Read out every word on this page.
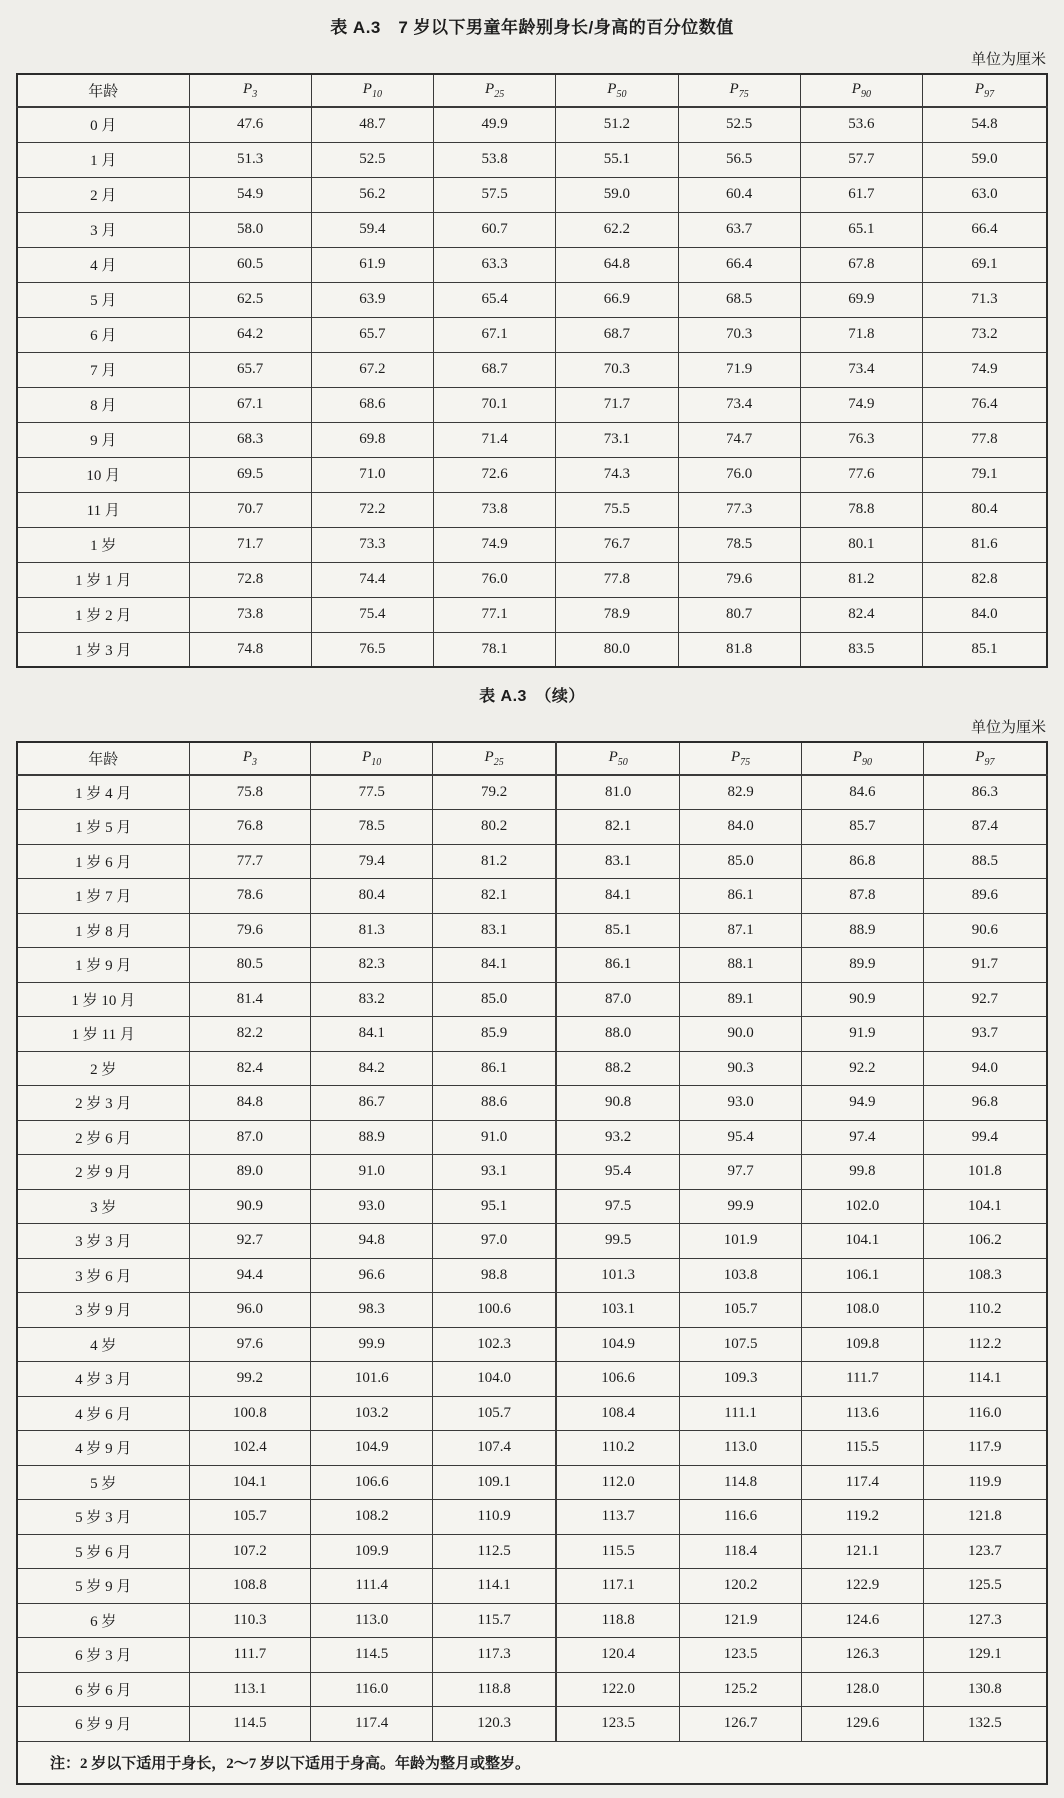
表 A.3　7 岁以下男童年龄别身长/身高的百分位数值
单位为厘米
年龄	$P_3$	$P_{10}$	$P_{25}$	$P_{50}$	$P_{75}$	$P_{90}$	$P_{97}$
0 月	47.6	48.7	49.9	51.2	52.5	53.6	54.8
1 月	51.3	52.5	53.8	55.1	56.5	57.7	59.0
2 月	54.9	56.2	57.5	59.0	60.4	61.7	63.0
3 月	58.0	59.4	60.7	62.2	63.7	65.1	66.4
4 月	60.5	61.9	63.3	64.8	66.4	67.8	69.1
5 月	62.5	63.9	65.4	66.9	68.5	69.9	71.3
6 月	64.2	65.7	67.1	68.7	70.3	71.8	73.2
7 月	65.7	67.2	68.7	70.3	71.9	73.4	74.9
8 月	67.1	68.6	70.1	71.7	73.4	74.9	76.4
9 月	68.3	69.8	71.4	73.1	74.7	76.3	77.8
10 月	69.5	71.0	72.6	74.3	76.0	77.6	79.1
11 月	70.7	72.2	73.8	75.5	77.3	78.8	80.4
1 岁	71.7	73.3	74.9	76.7	78.5	80.1	81.6
1 岁 1 月	72.8	74.4	76.0	77.8	79.6	81.2	82.8
1 岁 2 月	73.8	75.4	77.1	78.9	80.7	82.4	84.0
1 岁 3 月	74.8	76.5	78.1	80.0	81.8	83.5	85.1
表 A.3　（续）
单位为厘米
年龄	$P_3$	$P_{10}$	$P_{25}$	$P_{50}$	$P_{75}$	$P_{90}$	$P_{97}$
1 岁 4 月	75.8	77.5	79.2	81.0	82.9	84.6	86.3
1 岁 5 月	76.8	78.5	80.2	82.1	84.0	85.7	87.4
1 岁 6 月	77.7	79.4	81.2	83.1	85.0	86.8	88.5
1 岁 7 月	78.6	80.4	82.1	84.1	86.1	87.8	89.6
1 岁 8 月	79.6	81.3	83.1	85.1	87.1	88.9	90.6
1 岁 9 月	80.5	82.3	84.1	86.1	88.1	89.9	91.7
1 岁 10 月	81.4	83.2	85.0	87.0	89.1	90.9	92.7
1 岁 11 月	82.2	84.1	85.9	88.0	90.0	91.9	93.7
2 岁	82.4	84.2	86.1	88.2	90.3	92.2	94.0
2 岁 3 月	84.8	86.7	88.6	90.8	93.0	94.9	96.8
2 岁 6 月	87.0	88.9	91.0	93.2	95.4	97.4	99.4
2 岁 9 月	89.0	91.0	93.1	95.4	97.7	99.8	101.8
3 岁	90.9	93.0	95.1	97.5	99.9	102.0	104.1
3 岁 3 月	92.7	94.8	97.0	99.5	101.9	104.1	106.2
3 岁 6 月	94.4	96.6	98.8	101.3	103.8	106.1	108.3
3 岁 9 月	96.0	98.3	100.6	103.1	105.7	108.0	110.2
4 岁	97.6	99.9	102.3	104.9	107.5	109.8	112.2
4 岁 3 月	99.2	101.6	104.0	106.6	109.3	111.7	114.1
4 岁 6 月	100.8	103.2	105.7	108.4	111.1	113.6	116.0
4 岁 9 月	102.4	104.9	107.4	110.2	113.0	115.5	117.9
5 岁	104.1	106.6	109.1	112.0	114.8	117.4	119.9
5 岁 3 月	105.7	108.2	110.9	113.7	116.6	119.2	121.8
5 岁 6 月	107.2	109.9	112.5	115.5	118.4	121.1	123.7
5 岁 9 月	108.8	111.4	114.1	117.1	120.2	122.9	125.5
6 岁	110.3	113.0	115.7	118.8	121.9	124.6	127.3
6 岁 3 月	111.7	114.5	117.3	120.4	123.5	126.3	129.1
6 岁 6 月	113.1	116.0	118.8	122.0	125.2	128.0	130.8
6 岁 9 月	114.5	117.4	120.3	123.5	126.7	129.6	132.5
注：2 岁以下适用于身长，2～7 岁以下适用于身高。年龄为整月或整岁。							
